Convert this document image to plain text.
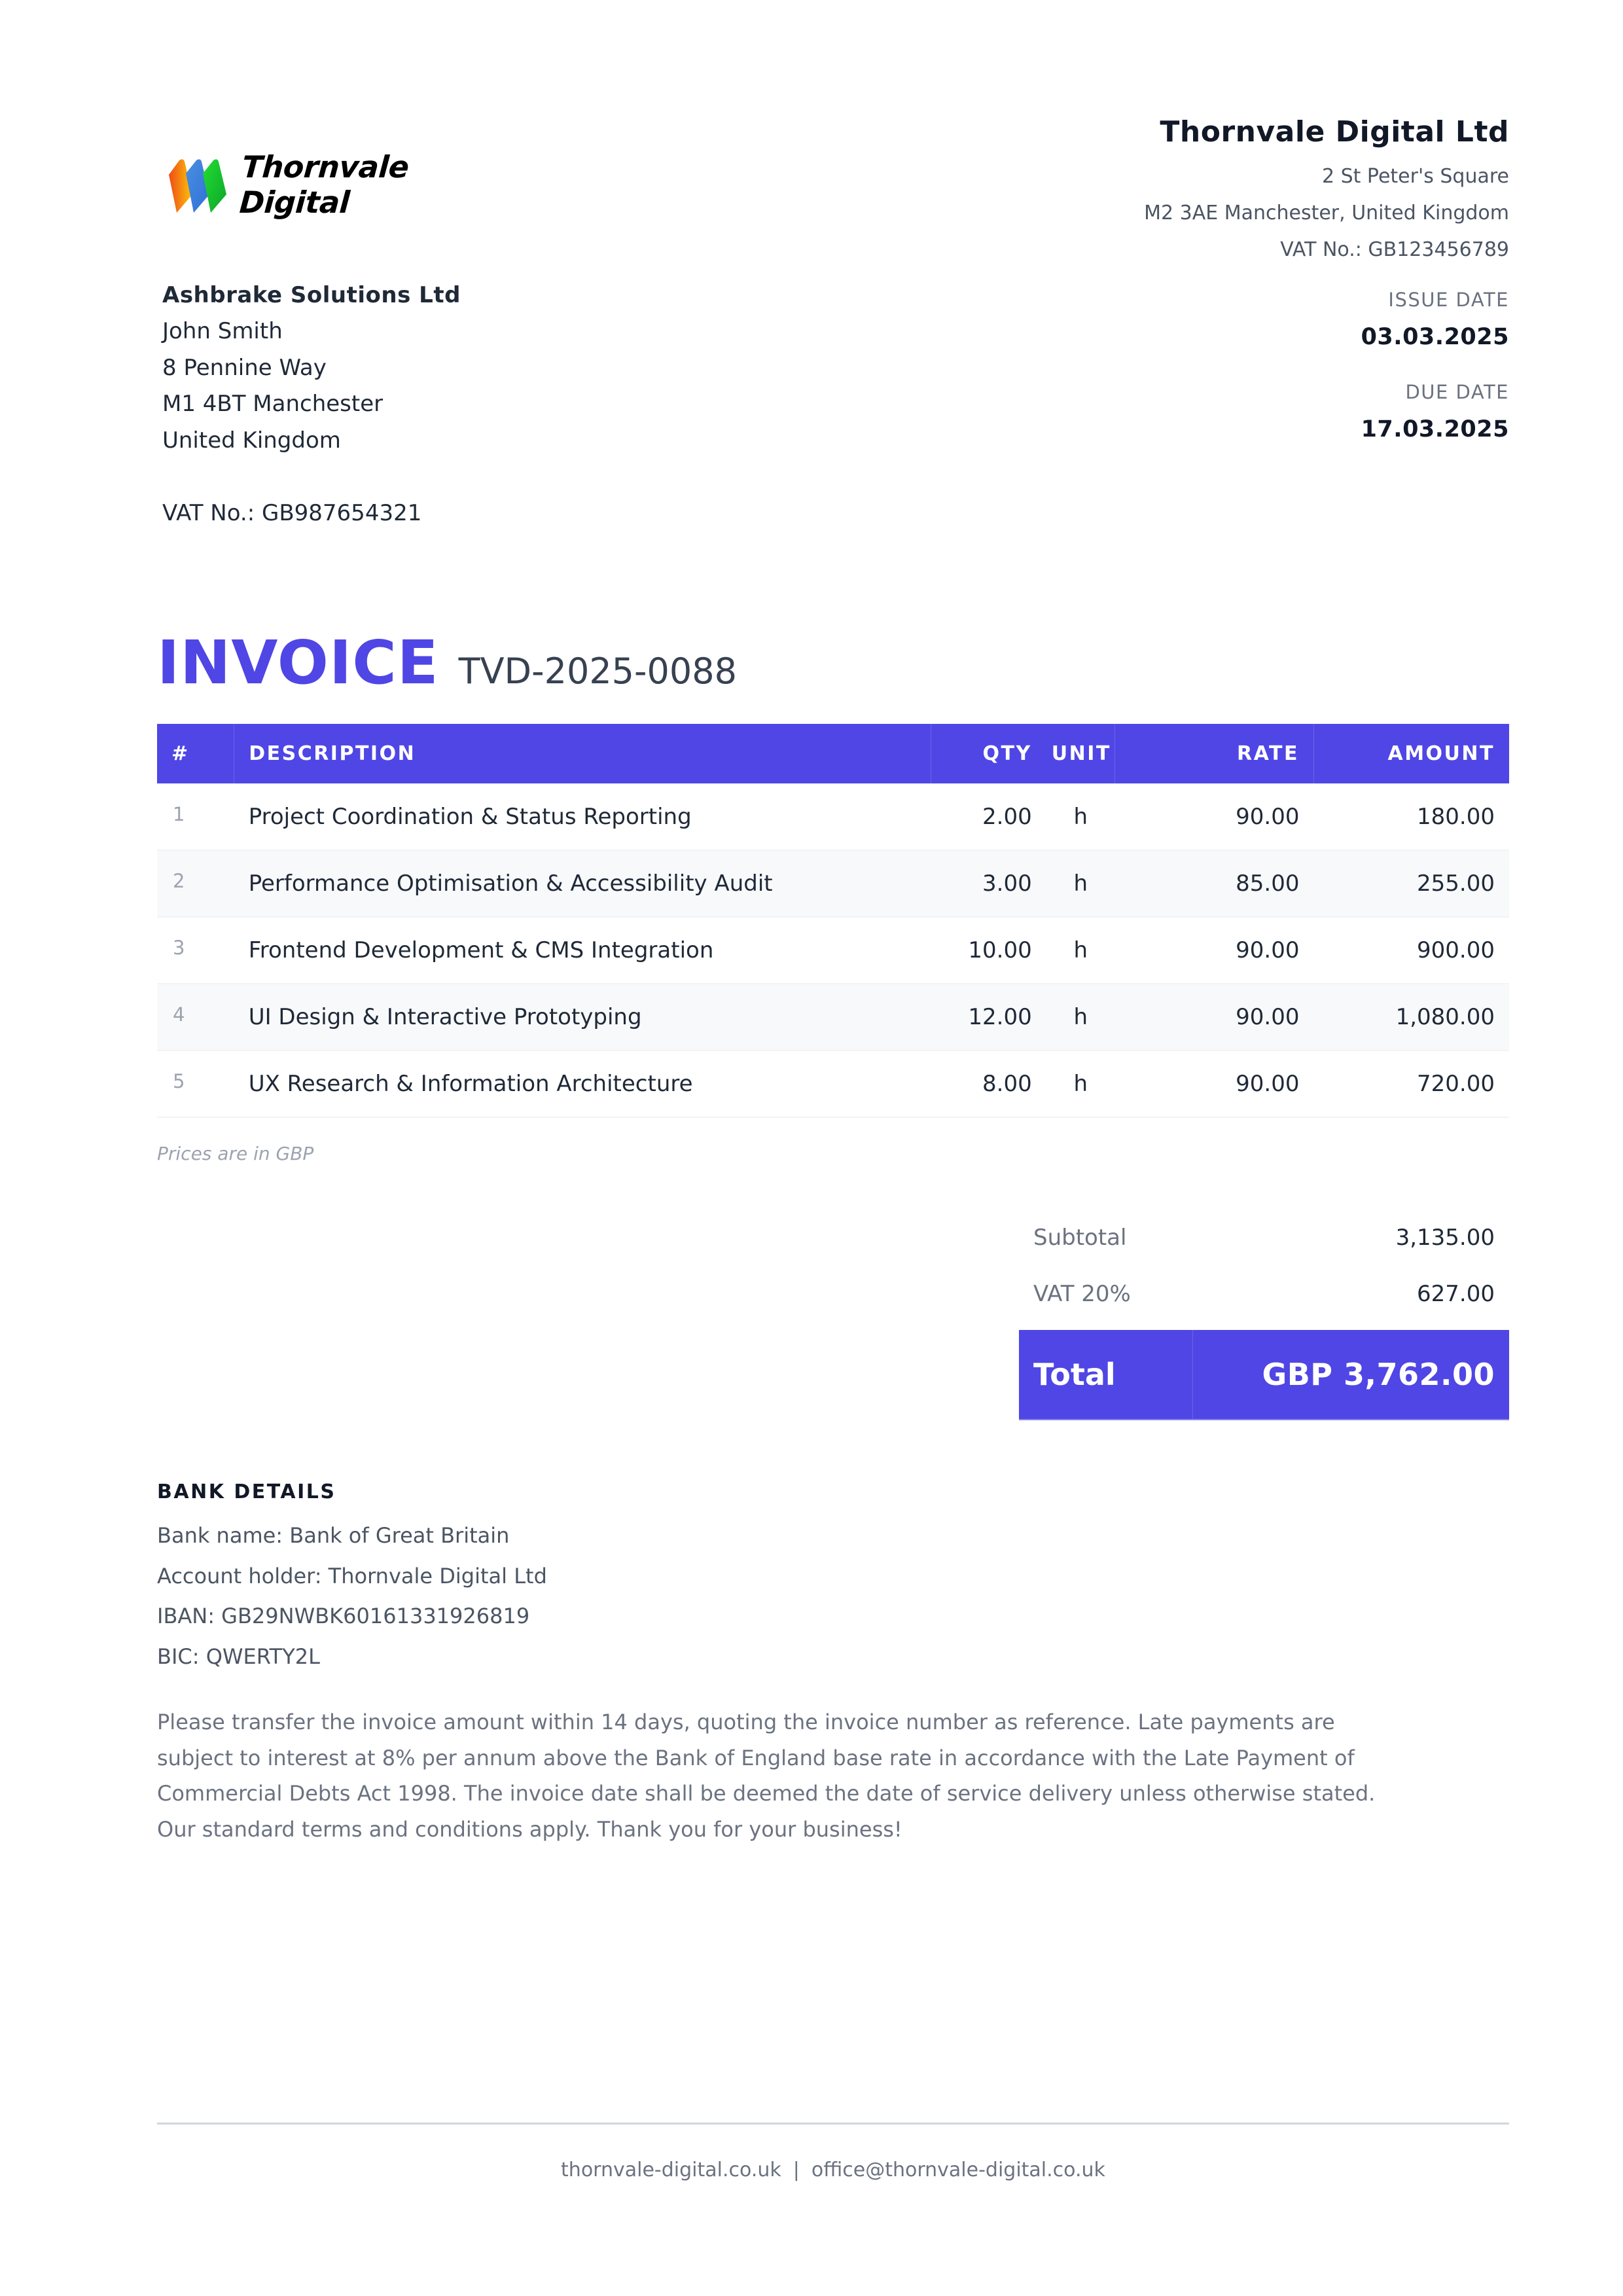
Thornvale Digital
Thornvale Digital Ltd
2 St Peter's Square
M2 3AE Manchester, United Kingdom
VAT No.: GB123456789
ISSUE DATE
03.03.2025
DUE DATE
17.03.2025
Ashbrake Solutions Ltd
John Smith
8 Pennine Way
M1 4BT Manchester
United Kingdom
VAT No.: GB987654321
INVOICE TVD-2025-0088
#	DESCRIPTION	QTY	UNIT	RATE	AMOUNT
1	Project Coordination & Status Reporting	2.00	h	90.00	180.00
2	Performance Optimisation & Accessibility Audit	3.00	h	85.00	255.00
3	Frontend Development & CMS Integration	10.00	h	90.00	900.00
4	UI Design & Interactive Prototyping	12.00	h	90.00	1,080.00
5	UX Research & Information Architecture	8.00	h	90.00	720.00
Prices are in GBP
Subtotal	3,135.00
VAT 20%	627.00
Total	GBP 3,762.00
BANK DETAILS
Bank name: Bank of Great Britain
Account holder: Thornvale Digital Ltd
IBAN: GB29NWBK60161331926819
BIC: QWERTY2L
Please transfer the invoice amount within 14 days, quoting the invoice number as reference. Late payments are
subject to interest at 8% per annum above the Bank of England base rate in accordance with the Late Payment of
Commercial Debts Act 1998. The invoice date shall be deemed the date of service delivery unless otherwise stated.
Our standard terms and conditions apply. Thank you for your business!
thornvale-digital.co.uk | office@thornvale-digital.co.uk
